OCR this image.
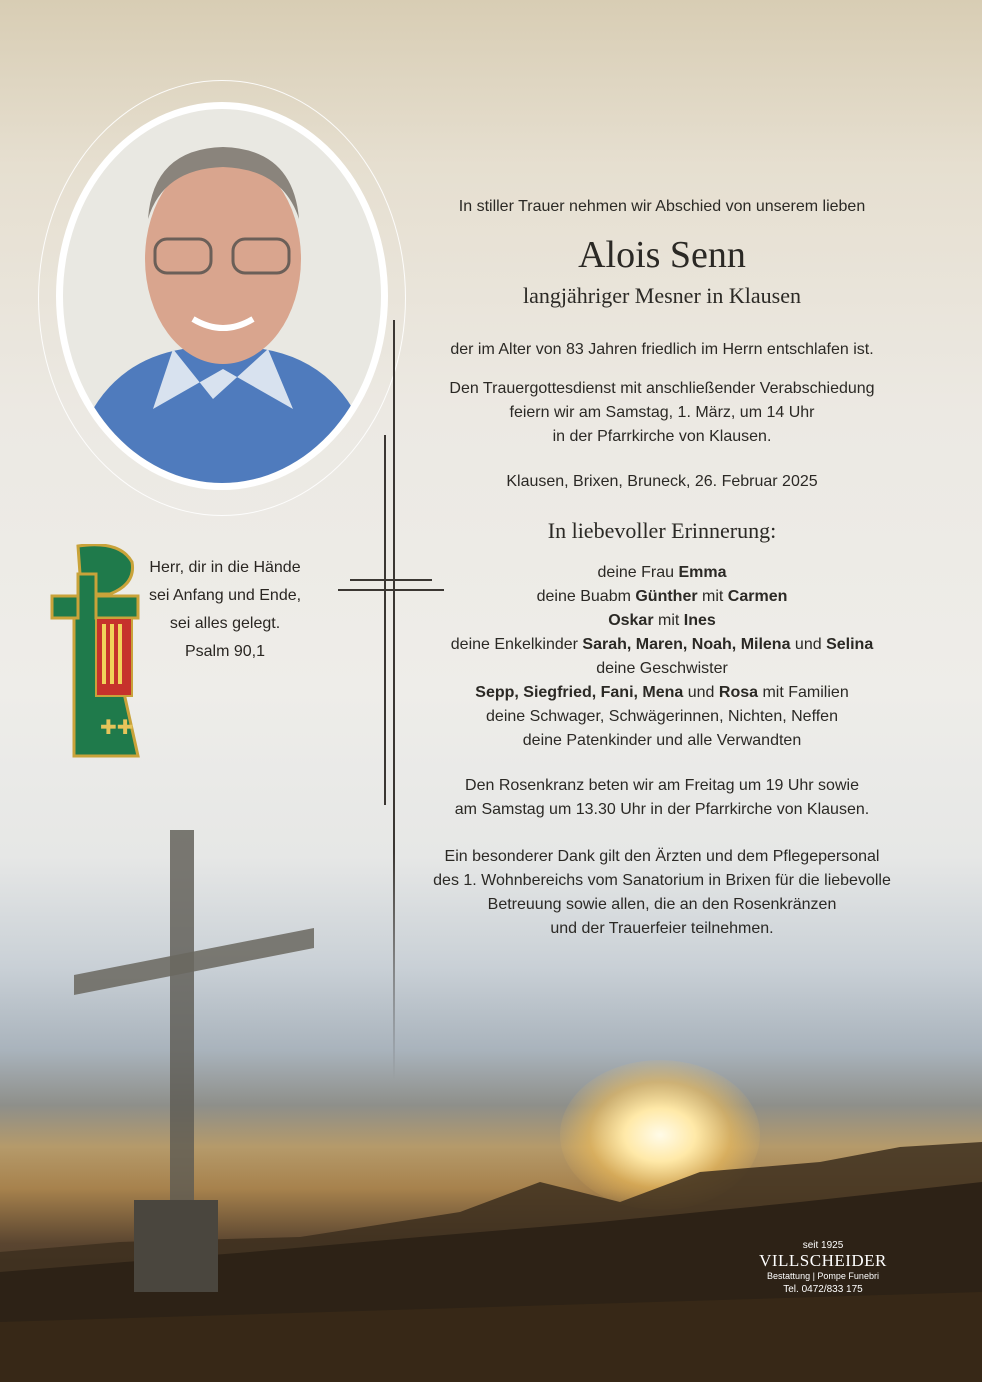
✚✚
Herr, dir in die Hände
sei Anfang und Ende,
sei alles gelegt.
Psalm 90,1
In stiller Trauer nehmen wir Abschied von unserem lieben
Alois Senn
langjähriger Mesner in Klausen
der im Alter von 83 Jahren friedlich im Herrn entschlafen ist.
Den Trauergottesdienst mit anschließender Verabschiedung
feiern wir am Samstag, 1. März, um 14 Uhr
in der Pfarrkirche von Klausen.
Klausen, Brixen, Bruneck, 26. Februar 2025
In liebevoller Erinnerung:
deine Frau Emma
deine Buabm Günther mit Carmen
Oskar mit Ines
deine Enkelkinder Sarah, Maren, Noah, Milena und Selina
deine Geschwister
Sepp, Siegfried, Fani, Mena und Rosa mit Familien
deine Schwager, Schwägerinnen, Nichten, Neffen
deine Patenkinder und alle Verwandten
Den Rosenkranz beten wir am Freitag um 19 Uhr sowie
am Samstag um 13.30 Uhr in der Pfarrkirche von Klausen.
Ein besonderer Dank gilt den Ärzten und dem Pflegepersonal
des 1. Wohnbereichs vom Sanatorium in Brixen für die liebevolle
Betreuung sowie allen, die an den Rosenkränzen
und der Trauerfeier teilnehmen.
seit 1925
VILLSCHEIDER
Bestattung | Pompe Funebri
Tel. 0472/833 175
